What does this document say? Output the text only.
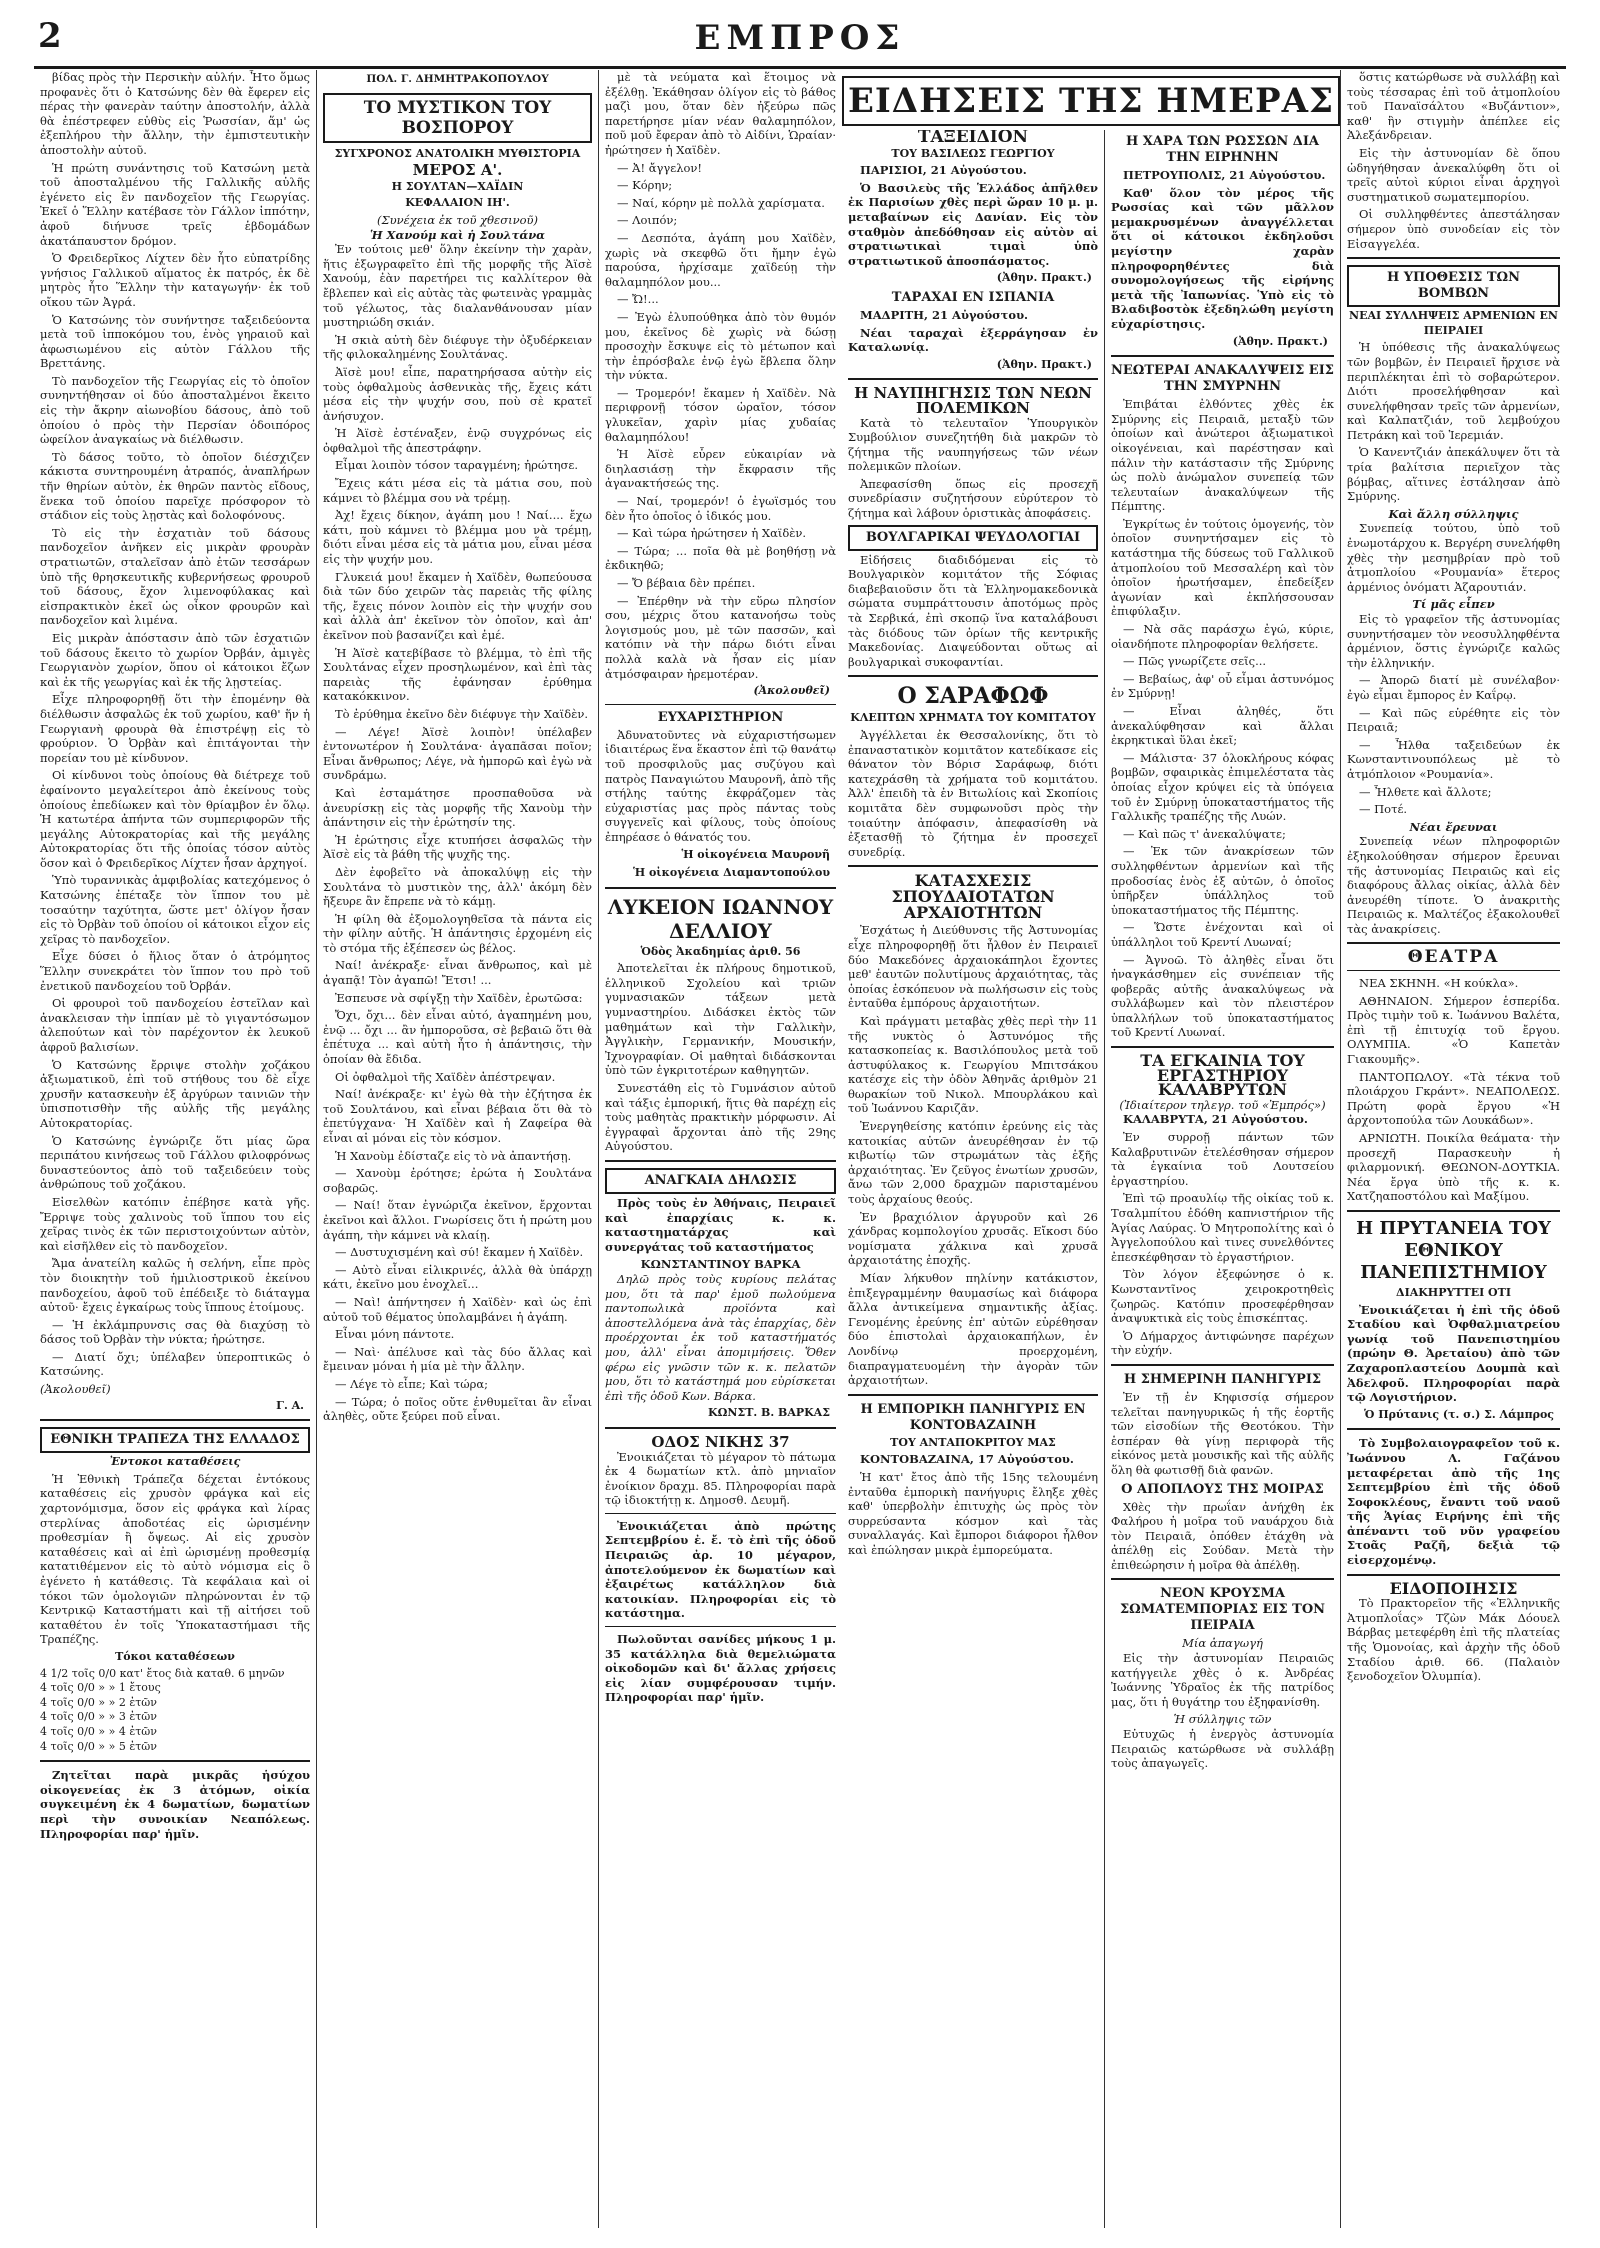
2	ΕΜΠΡΟΣ

βίδας πρὸς τὴν Περσικὴν αὐλήν. Ἦτο ὅμως προφανὲς ὅτι ὁ Κατσώνης δὲν θὰ ἔφερεν εἰς πέρας τὴν φανερὰν ταύτην ἀποστολήν, ἀλλὰ θὰ ἐπέστρεφεν εὐθὺς εἰς Ῥωσσίαν, ἅμ' ὡς ἐξεπλήρου τὴν ἄλλην, τὴν ἐμπιστευτικὴν ἀποστολὴν αὐτοῦ.

Ἡ πρώτη συνάντησις τοῦ Κατσώνη μετὰ τοῦ ἀποσταλμένου τῆς Γαλλικῆς αὐλῆς ἐγένετο εἰς ἓν πανδοχεῖον τῆς Γεωργίας. Ἐκεῖ ὁ Ἕλλην κατέβασε τὸν Γάλλον ἱππότην, ἀφοῦ διήνυσε τρεῖς ἑβδομάδων ἀκατάπαυστον δρόμον.

Ὁ Φρειδερῖκος Λίχτεν δὲν ἦτο εὐπατρίδης γνήσιος Γαλλικοῦ αἵματος ἐκ πατρός, ἐκ δὲ μητρὸς ἦτο Ἕλλην τὴν καταγωγήν· ἐκ τοῦ οἴκου τῶν Ἀγρά.

Ὁ Κατσώνης τὸν συνήντησε ταξειδεύοντα μετὰ τοῦ ἱπποκόμου του, ἑνὸς γηραιοῦ καὶ ἀφωσιωμένου εἰς αὐτὸν Γάλλου τῆς Βρεττάνης.

Τὸ πανδοχεῖον τῆς Γεωργίας εἰς τὸ ὁποῖον συνηντήθησαν οἱ δύο ἀποσταλμένοι ἔκειτο εἰς τὴν ἄκρην αἰωνοβίου δάσους, ἀπὸ τοῦ ὁποίου ὁ πρὸς τὴν Περσίαν ὁδοιπόρος ὠφείλον ἀναγκαίως νὰ διέλθωσιν.

Τὸ δάσος τοῦτο, τὸ ὁποῖον διέσχιζεν κάκιστα συντηρουμένη ἀτραπός, ἀναπλήρων τῆν θηρίων αὐτὸν, ἐκ θηρῶν παντὸς εἴδους, ἕνεκα τοῦ ὁποίου παρεῖχε πρόσφορον τὸ στάδιον εἰς τοὺς λῃστὰς καὶ δολοφόνους.

Τὸ εἰς τὴν ἐσχατιὰν τοῦ δάσους πανδοχεῖον ἀνῆκεν εἰς μικρὰν φρουρὰν στρατιωτῶν, σταλεῖσαν ἀπὸ ἐτῶν τεσσάρων ὑπὸ τῆς θρησκευτικῆς κυβερνήσεως φρουροῦ τοῦ δάσους, ἔχον λιμενοφύλακας καὶ εἰσπρακτικὸν ἐκεῖ ὡς οἶκον φρουρῶν καὶ πανδοχεῖον καὶ λιμένα.

Εἰς μικρὰν ἀπόστασιν ἀπὸ τῶν ἐσχατιῶν τοῦ δάσους ἔκειτο τὸ χωρίον Ὀρβάν, ἀμιγὲς Γεωργιανὸν χωρίον, ὅπου οἱ κάτοικοι ἔζων καὶ ἐκ τῆς γεωργίας καὶ ἐκ τῆς λῃστείας.

Εἶχε πληροφορηθῇ ὅτι τὴν ἐπομένην θὰ διέλθωσιν ἀσφαλῶς ἐκ τοῦ χωρίου, καθ' ἥν ἡ Γεωργιανὴ φρουρὰ θὰ ἐπιστρέψῃ εἰς τὸ φρούριον. Ὁ Ὀρβὰν καὶ ἐπιτάγονται τὴν πορείαν του μὲ κίνδυνον.

Οἱ κίνδυνοι τοὺς ὁποίους θὰ διέτρεχε τοῦ ἐφαίνοντο μεγαλείτεροι ἀπὸ ἐκείνους τοὺς ὁποίους ἐπεδίωκεν καὶ τὸν θρίαμβον ἐν ὅλῳ. Ἡ κατωτέρα ἀπήντα τῶν συμπεριφορῶν τῆς μεγάλης Αὐτοκρατορίας καὶ τῆς μεγάλης Αὐτοκρατορίας ὅτι τῆς ὁποίας τόσον αὐτὸς ὅσον καὶ ὁ Φρειδερῖκος Λίχτεν ἦσαν ἀρχηγοί.

Ὑπὸ τυραννικὰς ἀμφιβολίας κατεχόμενος ὁ Κατσώνης ἐπέταξε τὸν ἵππον του μὲ τοσαύτην ταχύτητα, ὥστε μετ' ὀλίγον ἦσαν εἰς τὸ Ὀρβὰν τοῦ ὁποίου οἱ κάτοικοι εἶχον εἰς χεῖρας τὸ πανδοχεῖον.

Εἶχε δύσει ὁ ἥλιος ὅταν ὁ ἀτρόμητος Ἕλλην συνεκράτει τὸν ἵππον του πρὸ τοῦ ἐνετικοῦ πανδοχείου τοῦ Ὀρβάν.

Οἱ φρουροὶ τοῦ πανδοχείου ἐστεῖλαν καὶ ἀνακλεισαν τὴν ἱππίαν μὲ τὸ γιγαντόσωμον ἀλεπούτων καὶ τὸν παρέχοντον ἐκ λευκοῦ ἀφροῦ βαλισίων.

Ὁ Κατσώνης ἔρριψε στολὴν χοζάκου ἀξιωματικοῦ, ἐπὶ τοῦ στήθους του δὲ εἶχε χρυσῆν κατασκευὴν ἐξ ἀργύρων ταινιῶν τὴν ὑπισποτισθὴν τῆς αὐλῆς τῆς μεγάλης Αὐτοκρατορίας.

Ὁ Κατσώνης ἐγνώριζε ὅτι μίας ὥρα περιπάτου κινήσεως τοῦ Γάλλου φιλοφρόνως δυναστεύοντος ἀπὸ τοῦ ταξειδεύειν τοὺς ἀνθρώπους τοῦ χοζάκου.

Εἰσελθὼν κατόπιν ἐπέβησε κατὰ γῆς. Ἔρριψε τοὺς χαλινοὺς τοῦ ἵππου του εἰς χεῖρας τινὸς ἐκ τῶν περιστοιχούντων αὐτὸν, καὶ εἰσῆλθεν εἰς τὸ πανδοχεῖον.

Ἄμα ἀνατείλη καλῶς ἡ σελήνη, εἶπε πρὸς τὸν διοικητὴν τοῦ ἡμιλιοστρικοῦ ἐκείνου πανδοχείου, ἀφοῦ τοῦ ἐπέδειξε τὸ διάταγμα αὐτοῦ· ἔχεις ἐγκαίρως τοὺς ἵππους ἑτοίμους.

— Ἡ ἐκλάμπρυνσις σας θὰ διαχύσῃ τὸ δάσος τοῦ Ὀρβὰν τὴν νύκτα; ἠρώτησε.

— Διατί ὄχι; ὑπέλαβεν ὑπεροπτικῶς ὁ Κατσώνης.

(Ἀκολουθεῖ)
Γ. Α.
ΕΘΝΙΚΗ ΤΡΑΠΕΖΑ ΤΗΣ ΕΛΛΑΔΟΣ
Ἐντοκοι καταθέσεις

Ἡ Ἐθνικὴ Τράπεζα δέχεται ἐντόκους καταθέσεις εἰς χρυσὸν φράγκα καὶ εἰς χαρτονόμισμα, ὅσον εἰς φράγκα καὶ λίρας στερλίνας ἀποδοτέας εἰς ὡρισμένην προθεσμίαν ἢ ὄψεως. Αἱ εἰς χρυσὸν καταθέσεις καὶ αἱ ἐπὶ ὡρισμένῃ προθεσμίᾳ κατατιθέμενον εἰς τὸ αὐτὸ νόμισμα εἰς ὃ ἐγένετο ἡ κατάθεσις. Τὰ κεφάλαια καὶ οἱ τόκοι τῶν ὁμολογιῶν πληρώνονται ἐν τῷ Κεντρικῷ Καταστήματι καὶ τῇ αἰτήσει τοῦ καταθέτου ἐν τοῖς Ὑποκαταστήμασι τῆς Τραπέζης.

Τόκοι καταθέσεων
4 1/2 τοῖς 0/0 κατ' ἔτος διὰ καταθ. 6 μηνῶν
4 τοῖς 0/0 » » 1 ἔτους
4 τοῖς 0/0 » » 2 ἐτῶν
4 τοῖς 0/0 » » 3 ἐτῶν
4 τοῖς 0/0 » » 4 ἐτῶν
4 τοῖς 0/0 » » 5 ἐτῶν

Ζητεῖται παρὰ μικρᾶς ἡσύχου οἰκογενείας ἐκ 3 ἀτόμων, οἰκία συγκειμένη ἐκ 4 δωματίων, δωματίων περὶ τὴν συνοικίαν Νεαπόλεως. Πληροφορίαι παρ' ἡμῖν.

ΠΟΛ. Γ. ΔΗΜΗΤΡΑΚΟΠΟΥΛΟΥ
ΤΟ ΜΥΣΤΙΚΟΝ ΤΟΥ ΒΟΣΠΟΡΟΥ
ΣΥΓΧΡΟΝΟΣ ΑΝΑΤΟΛΙΚΗ ΜΥΘΙΣΤΟΡΙΑ
ΜΕΡΟΣ Α'.
Η ΣΟΥΛΤΑΝ—ΧΑΪΔΙΝ
ΚΕΦΑΛΑΙΟΝ ΙΗ'.
(Συνέχεια ἐκ τοῦ χθεσινοῦ)
Ἡ Χανούμ καὶ ἡ Σουλτάνα

Ἐν τούτοις μεθ' ὅλην ἐκείνην τὴν χαρὰν, ἥτις ἐξωγραφεῖτο ἐπὶ τῆς μορφῆς τῆς Ἀϊσὲ Χανούμ, ἐὰν παρετήρει τις καλλίτερον θὰ ἔβλεπεν καὶ εἰς αὐτὰς τὰς φωτεινὰς γραμμὰς τοῦ γέλωτος, τὰς διαλανθάνουσαν μίαν μυστηριώδη σκιάν.

Ἡ σκιὰ αὐτὴ δὲν διέφυγε τὴν ὀξυδέρκειαν τῆς φιλοκαλημένης Σουλτάνας.

Ἀϊσὲ μου! εἶπε, παρατηρήσασα αὐτὴν εἰς τοὺς ὀφθαλμοὺς ἀσθενικὰς τῆς, ἔχεις κάτι μέσα εἰς τὴν ψυχήν σου, ποὺ σὲ κρατεῖ ἀνήσυχον.

Ἡ Ἀϊσὲ ἐστέναξεν, ἐνῷ συγχρόνως εἰς ὀφθαλμοὶ τῆς ἀπεστράφην.

Εἶμαι λοιπὸν τόσον ταραγμένη; ἠρώτησε.

Ἔχεις κάτι μέσα εἰς τὰ μάτια σου, ποὺ κάμνει τὸ βλέμμα σου νὰ τρέμῃ.

Ἀχ! ἔχεις δίκηον, ἀγάπη μου ! Ναί.... ἔχω κάτι, ποὺ κάμνει τὸ βλέμμα μου νὰ τρέμῃ, διότι εἶναι μέσα εἰς τὰ μάτια μου, εἶναι μέσα εἰς τὴν ψυχήν μου.

Γλυκειά μου! ἔκαμεν ἡ Χαϊδὲν, θωπεύουσα διὰ τῶν δύο χειρῶν τὰς παρειὰς τῆς φίλης τῆς, ἔχεις πόνον λοιπὸν εἰς τὴν ψυχήν σου καὶ ἀλλὰ ἀπ' ἐκεῖνον τὸν ὁποῖον, καὶ ἀπ' ἐκεῖνον ποὺ βασανίζει καὶ ἐμέ.

Ἡ Ἀϊσὲ κατεβίβασε τὸ βλέμμα, τὸ ἐπὶ τῆς Σουλτάνας εἶχεν προσηλωμένον, καὶ ἐπὶ τὰς παρειὰς τῆς ἐφάνησαν ἐρύθημα κατακόκκινον.

Τὸ ἐρύθημα ἐκεῖνο δὲν διέφυγε τὴν Χαϊδὲν.

— Λέγε! Ἀϊσὲ λοιπὸν! ὑπέλαβεν ἐντονωτέρον ἡ Σουλτάνα· ἀγαπᾶσαι ποῖον; Εἶναι ἄνθρωπος; Λέγε, νὰ ἠμπορῶ καὶ ἐγὼ νὰ συνδράμω.

Καὶ ἐσταμάτησε προσπαθοῦσα νὰ ἀνευρίσκῃ εἰς τὰς μορφῆς τῆς Χανοὺμ τὴν ἀπάντησιν εἰς τὴν ἐρώτησίν της.

Ἡ ἐρώτησις εἶχε κτυπήσει ἀσφαλῶς τὴν Ἀϊσὲ εἰς τὰ βάθη τῆς ψυχῆς της.

Δὲν ἐφοβεῖτο νὰ ἀποκαλύψῃ εἰς τὴν Σουλτάνα τὸ μυστικὸν της, ἀλλ' ἀκόμη δὲν ἤξευρε ἂν ἔπρεπε νὰ τὸ κάμῃ.

Ἡ φίλη θὰ ἐξομολογηθεῖσα τὰ πάντα εἰς τὴν φίλην αὐτῆς. Ἡ ἀπάντησις ἐρχομένη εἰς τὸ στόμα τῆς ἐξέπεσεν ὡς βέλος.

Ναί! ἀνέκραξε· εἶναι ἄνθρωπος, καὶ μὲ ἀγαπᾷ! Τὸν ἀγαπῶ! Ἔτσι! ...

Ἐσπευσε νὰ σφίγξῃ τὴν Χαϊδὲν, ἐρωτῶσα:

Ὄχι, ὄχι... δὲν εἶναι αὐτό, ἀγαπημένη μου, ἐνῷ ... ὄχι ... ἂν ἠμποροῦσα, σὲ βεβαιῶ ὅτι θὰ ἐπέτυχα ... καὶ αὐτὴ ἦτο ἡ ἀπάντησις, τὴν ὁποίαν θὰ ἔδιδα.

Οἱ ὀφθαλμοὶ τῆς Χαϊδὲν ἀπέστρεψαν.

Ναί! ἀνέκραξε· κι' ἐγὼ θὰ τὴν ἐζήτησα ἐκ τοῦ Σουλτάνου, καὶ εἶναι βέβαια ὅτι θὰ τὸ ἐπετύγχανα· Ἡ Χαϊδὲν καὶ ἡ Ζαφείρα θὰ εἶναι αἱ μόναι εἰς τὸν κόσμον.

Ἡ Χανοὺμ ἐδίσταζε εἰς τὸ νὰ ἀπαντήσῃ.

— Χανοὺμ ἐρότησε; ἐρώτα ἡ Σουλτάνα σοβαρῶς.

— Ναί! ὅταν ἐγνώριζα ἐκεῖνον, ἔρχονται ἐκεῖνοι καὶ ἄλλοι. Γνωρίσεις ὅτι ἡ πρώτη μου ἀγάπη, τὴν κάμνει νὰ κλαίῃ.

— Δυστυχισμένη καὶ σύ! ἔκαμεν ἡ Χαϊδὲν.

— Αὐτὸ εἶναι εἰλικρινές, ἀλλὰ θὰ ὑπάρχῃ κάτι, ἐκεῖνο μου ἐνοχλεῖ...

— Ναὶ! ἀπήντησεν ἡ Χαϊδὲν· καὶ ὡς ἐπὶ αὐτοῦ τοῦ θέματος ὑπολαμβάνει ἡ ἀγάπη.

Εἶναι μόνη πάντοτε.

— Ναὶ· ἀπέλυσε καὶ τὰς δύο ἄλλας καὶ ἔμειναν μόναι ἡ μία μὲ τὴν ἄλλην.

— Λέγε τὸ εἶπε; Καὶ τώρα;

— Τώρα; ὁ ποῖος οὔτε ἐνθυμεῖται ἂν εἶναι ἀληθὲς, οὔτε ξεύρει ποῦ εἶναι.

μὲ τὰ νεύματα καὶ ἕτοιμος νὰ ἐξέλθῃ. Ἐκάθησαν ὀλίγον εἰς τὸ βάθος μαζὶ μου, ὅταν δὲν ἠξεύρω πῶς παρετήρησε μίαν νέαν θαλαμηπόλον, ποῦ μοῦ ἔφεραν ἀπὸ τὸ Αἰδίνι, Ὡραίαν· ἠρώτησεν ἡ Χαϊδὲν.

— Ἀ! ἄγγελον!

— Κόρην;

— Ναί, κόρην μὲ πολλὰ χαρίσματα.

— Λοιπόν;

— Δεσπότα, ἀγάπη μου Χαϊδὲν, χωρὶς νὰ σκεφθῶ ὅτι ἤμην ἐγὼ παρούσα, ἠρχίσαμε χαϊδεύῃ τὴν θαλαμηπόλον μου...

— Ὤ!...

— Ἐγὼ ἐλυπούθηκα ἀπὸ τὸν θυμόν μου, ἐκεῖνος δὲ χωρὶς νὰ δώσῃ προσοχὴν ἔσκυψε εἰς τὸ μέτωπον καὶ τὴν ἐπρόσβαλε ἐνῷ ἐγὼ ἔβλεπα ὅλην τὴν νύκτα.

— Τρομερόν! ἔκαμεν ἡ Χαϊδὲν. Νὰ περιφρονῇ τόσον ὡραῖον, τόσον γλυκεῖαν, χαρὶν μίας χυδαίας θαλαμηπόλου!

Ἡ Ἀϊσὲ εὗρεν εὐκαιρίαν νὰ διηλασιάσῃ τὴν ἔκφρασιν τῆς ἀγανακτήσεώς της.

— Ναί, τρομερόν! ὁ ἐγωϊσμός του δὲν ἦτο ὁποῖος ὁ ἰδικός μου.

— Καὶ τώρα ἠρώτησεν ἡ Χαϊδὲν.

— Τώρα; ... ποῖα θὰ μὲ βοηθήσῃ νὰ ἐκδικηθῶ;

— Ὄ βέβαια δὲν πρέπει.

— Ἐπέρθην νὰ τὴν εὕρω πλησίον σου, μέχρις ὅτου κατανοήσω τοὺς λογισμούς μου, μὲ τῶν πασσῶν, καὶ κατόπιν νὰ τὴν πάρω διότι εἶναι πολλὰ καλὰ νὰ ἦσαν εἰς μίαν ἀτμόσφαιραν ἠρεμοτέραν.

(Ἀκολουθεῖ)
ΕΥΧΑΡΙΣΤΗΡΙΟΝ

Ἀδυνατοῦντες νὰ εὐχαριστήσωμεν ἰδιαιτέρως ἕνα ἕκαστον ἐπὶ τῷ θανάτῳ τοῦ προσφιλοῦς μας συζύγου καὶ πατρὸς Παναγιώτου Μαυρονῆ, ἀπὸ τῆς στήλης ταύτης ἐκφράζομεν τὰς εὐχαριστίας μας πρὸς πάντας τοὺς συγγενεῖς καὶ φίλους, τοὺς ὁποίους ἐπηρέασε ὁ θάνατός του.

Ἡ οἰκογένεια Μαυρονῆ
Ἡ οἰκογένεια Διαμαντοπούλου
ΛΥΚΕΙΟΝ ΙΩΑΝΝΟΥ ΔΕΛΛΙΟΥ
Ὁδὸς Ἀκαδημίας ἀριθ. 56

Ἀποτελεῖται ἐκ πλήρους δημοτικοῦ, ἑλληνικοῦ Σχολείου καὶ τριῶν γυμνασιακῶν τάξεων μετὰ γυμναστηρίου. Διδάσκει ἐκτὸς τῶν μαθημάτων καὶ τὴν Γαλλικὴν, Ἀγγλικὴν, Γερμανικήν, Μουσικήν, Ἰχνογραφίαν. Οἱ μαθηταὶ διδάσκονται ὑπὸ τῶν ἐγκριτοτέρων καθηγητῶν.

Συνεστάθη εἰς τὸ Γυμνάσιον αὐτοῦ καὶ τάξις ἐμπορική, ἥτις θὰ παρέχῃ εἰς τοὺς μαθητὰς πρακτικὴν μόρφωσιν. Αἱ ἐγγραφαὶ ἄρχονται ἀπὸ τῆς 29ης Αὐγούστου.

ΑΝΑΓΚΑΙΑ ΔΗΛΩΣΙΣ

Πρὸς τοὺς ἐν Ἀθήναις, Πειραιεῖ καὶ ἐπαρχίαις κ. κ. καταστηματάρχας καὶ συνεργάτας τοῦ καταστήματος

ΚΩΝΣΤΑΝΤΙΝΟΥ ΒΑΡΚΑ

Δηλῶ πρὸς τοὺς κυρίους πελάτας μου, ὅτι τὰ παρ' ἐμοῦ πωλούμενα παντοπωλικὰ προϊόντα καὶ ἀποστελλόμενα ἀνὰ τὰς ἐπαρχίας, δὲν προέρχονται ἐκ τοῦ καταστήματός μου, ἀλλ' εἶναι ἀπομιμήσεις. Ὅθεν φέρω εἰς γνῶσιν τῶν κ. κ. πελατῶν μου, ὅτι τὸ κατάστημά μου εὑρίσκεται ἐπὶ τῆς ὁδοῦ Κων. Βάρκα.

ΚΩΝΣΤ. Β. ΒΑΡΚΑΣ
ΟΔΟΣ ΝΙΚΗΣ 37

Ἐνοικιάζεται τὸ μέγαρον τὸ πάτωμα ἐκ 4 δωματίων κτλ. ἀπὸ μηνιαῖον ἐνοίκιον δραχμ. 85. Πληροφορίαι παρὰ τῷ ἰδιοκτήτῃ κ. Δημοσθ. Δευμῆ.

Ἐνοικιάζεται ἀπὸ πρώτης Σεπτεμβρίου ἐ. ἔ. τὸ ἐπὶ τῆς ὁδοῦ Πειραιῶς ἀρ. 10 μέγαρον, ἀποτελούμενον ἐκ δωματίων καὶ ἐξαιρέτως κατάλληλον διὰ κατοικίαν. Πληροφορίαι εἰς τὸ κατάστημα.

Πωλοῦνται σανίδες μήκους 1 μ. 35 κατάλληλα διὰ θεμελιώματα οἰκοδομῶν καὶ δι' ἄλλας χρήσεις εἰς λίαν συμφέρουσαν τιμήν. Πληροφορίαι παρ' ἡμῖν.

ΕΙΔΗΣΕΙΣ ΤΗΣ ΗΜΕΡΑΣ
ΤΑΞΕΙΔΙΟΝ
ΤΟΥ ΒΑΣΙΛΕΩΣ ΓΕΩΡΓΙΟΥ

ΠΑΡΙΣΙΟΙ, 21 Αὐγούστου.

Ὁ Βασιλεὺς τῆς Ἑλλάδος ἀπῆλθεν ἐκ Παρισίων χθὲς περὶ ὥραν 10 μ. μ. μεταβαίνων εἰς Δανίαν. Εἰς τὸν σταθμὸν ἀπεδόθησαν εἰς αὐτὸν αἱ στρατιωτικαὶ τιμαὶ ὑπὸ στρατιωτικοῦ ἀποσπάσματος.

(Ἀθην. Πρακτ.)
ΤΑΡΑΧΑΙ ΕΝ ΙΣΠΑΝΙΑ

ΜΑΔΡΙΤΗ, 21 Αὐγούστου.

Νέαι ταραχαὶ ἐξερράγησαν ἐν Καταλωνίᾳ.

(Ἀθην. Πρακτ.)
Η ΝΑΥΠΗΓΗΣΙΣ ΤΩΝ ΝΕΩΝ ΠΟΛΕΜΙΚΩΝ

Κατὰ τὸ τελευταῖον Ὑπουργικὸν Συμβούλιον συνεζητήθη διὰ μακρῶν τὸ ζήτημα τῆς ναυπηγήσεως τῶν νέων πολεμικῶν πλοίων.

Ἀπεφασίσθη ὅπως εἰς προσεχῆ συνεδρίασιν συζητήσουν εὐρύτερον τὸ ζήτημα καὶ λάβουν ὁριστικὰς ἀποφάσεις.

ΒΟΥΛΓΑΡΙΚΑΙ ΨΕΥΔΟΛΟΓΙΑΙ

Εἰδήσεις διαδιδόμεναι εἰς τὸ Βουλγαρικὸν κομιτάτον τῆς Σόφιας διαβεβαιοῦσιν ὅτι τὰ Ἑλληνομακεδονικὰ σώματα συμπράττουσιν ἀποτόμως πρὸς τὰ Σερβικά, ἐπὶ σκοπῷ ἵνα καταλάβουσι τὰς διόδους τῶν ὁρίων τῆς κεντρικῆς Μακεδονίας. Διαψεύδονται οὕτως αἱ βουλγαρικαὶ συκοφαντίαι.

Ο ΣΑΡΑΦΩΦ
ΚΛΕΠΤΩΝ ΧΡΗΜΑΤΑ ΤΟΥ ΚΟΜΙΤΑΤΟΥ

Ἀγγέλλεται ἐκ Θεσσαλονίκης, ὅτι τὸ ἐπαναστατικὸν κομιτᾶτον κατεδίκασε εἰς θάνατον τὸν Βόρισ Σαράφωφ, διότι κατεχράσθη τὰ χρήματα τοῦ κομιτάτου. Ἀλλ' ἐπειδὴ τὰ ἐν Βιτωλίοις καὶ Σκοπίοις κομιτᾶτα δὲν συμφωνοῦσι πρὸς τὴν τοιαύτην ἀπόφασιν, ἀπεφασίσθη νὰ ἐξετασθῇ τὸ ζήτημα ἐν προσεχεῖ συνεδρίᾳ.

ΚΑΤΑΣΧΕΣΙΣ ΣΠΟΥΔΑΙΟΤΑΤΩΝ ΑΡΧΑΙΟΤΗΤΩΝ

Ἐσχάτως ἡ Διεύθυνσις τῆς Ἀστυνομίας εἶχε πληροφορηθῇ ὅτι ἦλθον ἐν Πειραιεῖ δύο Μακεδόνες ἀρχαιοκάπηλοι ἔχοντες μεθ' ἑαυτῶν πολυτίμους ἀρχαιότητας, τὰς ὁποίας ἐσκόπευον νὰ πωλήσωσιν εἰς τοὺς ἐνταῦθα ἐμπόρους ἀρχαιοτήτων.

Καὶ πράγματι μεταβὰς χθὲς περὶ τὴν 11 τῆς νυκτὸς ὁ Ἀστυνόμος τῆς κατασκοπείας κ. Βασιλόπουλος μετὰ τοῦ ἀστυφύλακος κ. Γεωργίου Μπιτσάκου κατέσχε εἰς τὴν ὁδὸν Ἀθηνᾶς ἀριθμὸν 21 θωρακίων τοῦ Νικολ. Μπουρλάκου καὶ τοῦ Ἰωάννου Καριζᾶν.

Ἐνεργηθείσης κατόπιν ἐρεύνης εἰς τὰς κατοικίας αὐτῶν ἀνευρέθησαν ἐν τῷ κιβωτίῳ τῶν στρωμάτων τὰς ἑξῆς ἀρχαιότητας. Ἐν ζεῦγος ἐνωτίων χρυσῶν, ἄνω τῶν 2,000 δραχμῶν παρισταμένου τοὺς ἀρχαίους θεούς.

Ἐν βραχιόλιον ἀργυροῦν καὶ 26 χάνδρας κομπολογίου χρυσᾶς. Εἴκοσι δύο νομίσματα χάλκινα καὶ χρυσᾶ ἀρχαιοτάτης ἐποχῆς.

Μίαν λήκυθον πηλίνην κατάκιστον, ἐπιξεγραμμένην θαυμασίως καὶ διάφορα ἄλλα ἀντικείμενα σημαντικῆς ἀξίας. Γενομένης ἐρεύνης ἐπ' αὐτῶν εὑρέθησαν δύο ἐπιστολαὶ ἀρχαιοκαπήλων, ἐν Λονδίνῳ προερχομένη, διαπραγματευομένη τὴν ἀγορὰν τῶν ἀρχαιοτήτων.

Η ΕΜΠΟΡΙΚΗ ΠΑΝΗΓΥΡΙΣ ΕΝ ΚΟΝΤΟΒΑΖΑΙΝΗ
ΤΟΥ ΑΝΤΑΠΟΚΡΙΤΟΥ ΜΑΣ

ΚΟΝΤΟΒΑΖΑΙΝΑ, 17 Αὐγούστου.

Ἡ κατ' ἔτος ἀπὸ τῆς 15ης τελουμένη ἐνταῦθα ἐμπορικὴ πανήγυρις ἔληξε χθὲς καθ' ὑπερβολὴν ἐπιτυχὴς ὡς πρὸς τὸν συρρεύσαντα κόσμον καὶ τὰς συναλλαγάς. Καὶ ἔμποροι διάφοροι ἦλθον καὶ ἐπώλησαν μικρὰ ἐμπορεύματα.

Η ΧΑΡΑ ΤΩΝ ΡΩΣΣΩΝ ΔΙΑ ΤΗΝ ΕΙΡΗΝΗΝ

ΠΕΤΡΟΥΠΟΛΙΣ, 21 Αὐγούστου.

Καθ' ὅλον τὸν μέρος τῆς Ρωσσίας καὶ τῶν μᾶλλον μεμακρυσμένων ἀναγγέλλεται ὅτι οἱ κάτοικοι ἐκδηλοῦσι μεγίστην χαρὰν πληροφορηθέντες διὰ συνομολογήσεως τῆς εἰρήνης μετὰ τῆς Ἰαπωνίας. Ὑπὸ εἰς τὸ Βλαδιβοστὸκ ἐξεδηλώθη μεγίστη εὐχαρίστησις.

(Ἀθην. Πρακτ.)
ΝΕΩΤΕΡΑΙ ΑΝΑΚΑΛΥΨΕΙΣ ΕΙΣ ΤΗΝ ΣΜΥΡΝΗΝ

Ἐπιβάται ἐλθόντες χθὲς ἐκ Σμύρνης εἰς Πειραιᾶ, μεταξὺ τῶν ὁποίων καὶ ἀνώτεροι ἀξιωματικοὶ οἰκογένειαι, καὶ παρέστησαν καὶ πάλιν τὴν κατάστασιν τῆς Σμύρνης ὡς πολὺ ἀνώμαλον συνεπείᾳ τῶν τελευταίων ἀνακαλύψεων τῆς Πέμπτης.

Ἐγκρίτως ἐν τούτοις ὁμογενής, τὸν ὁποῖον συνηντήσαμεν εἰς τὸ κατάστημα τῆς δύσεως τοῦ Γαλλικοῦ ἀτμοπλοίου τοῦ Μεσσαλέρη καὶ τὸν ὁποῖον ἠρωτήσαμεν, ἐπεδείξεν ἀγωνίαν καὶ ἐκπλήσσουσαν ἐπιφύλαξιν.

— Νὰ σᾶς παράσχω ἐγώ, κύριε, οἱανδήποτε πληροφορίαν θελήσετε.

— Πῶς γνωρίζετε σεῖς...

— Βεβαίως, ἀφ' οὗ εἶμαι ἀστυνόμος ἐν Σμύρνῃ!

— Εἶναι ἀληθές, ὅτι ἀνεκαλύφθησαν καὶ ἄλλαι ἐκρηκτικαὶ ὕλαι ἐκεῖ;

— Μάλιστα· 37 ὁλοκλήρους κόφας βομβῶν, σφαιρικὰς ἐπιμελέστατα τὰς ὁποίας εἶχον κρύψει εἰς τὰ ὑπόγεια τοῦ ἐν Σμύρνῃ ὑποκαταστήματος τῆς Γαλλικῆς τραπέζης τῆς Λυών.

— Καὶ πῶς τ' ἀνεκαλύψατε;

— Ἐκ τῶν ἀνακρίσεων τῶν συλληφθέντων ἀρμενίων καὶ τῆς προδοσίας ἑνὸς ἐξ αὐτῶν, ὁ ὁποῖος ὑπῆρξεν ὑπάλληλος τοῦ ὑποκαταστήματος τῆς Πέμπτης.

— Ὥστε ἐνέχονται καὶ οἱ ὑπάλληλοι τοῦ Κρεντί Λυωναί;

— Ἀγνοῶ. Τὸ ἀληθὲς εἶναι ὅτι ἠναγκάσθημεν εἰς συνέπειαν τῆς φοβερᾶς αὐτῆς ἀνακαλύψεως νὰ συλλάβωμεν καὶ τὸν πλειστέρον ὑπαλλήλων τοῦ ὑποκαταστήματος τοῦ Κρεντί Λυωναί.

ΤΑ ΕΓΚΑΙΝΙΑ ΤΟΥ ΕΡΓΑΣΤΗΡΙΟΥ ΚΑΛΑΒΡΥΤΩΝ
(Ἰδιαίτερον τηλεγρ. τοῦ «Ἐμπρός»)

ΚΑΛΑΒΡΥΤΑ, 21 Αὐγούστου.

Ἐν συρροῇ πάντων τῶν Καλαβρυτινῶν ἐτελέσθησαν σήμερον τὰ ἐγκαίνια τοῦ Λουτσείου ἐργαστηρίου.

Ἐπὶ τῷ προαυλίῳ τῆς οἰκίας τοῦ κ. Τσαλμπίτου ἐδόθη καπνιστήριον τῆς Ἁγίας Λαύρας. Ὁ Μητροπολίτης καὶ ὁ Ἀγγελοπούλου καὶ τινες συνελθόντες ἐπεσκέφθησαν τὸ ἐργαστήριον.

Τὸν λόγον ἐξεφώνησε ὁ κ. Κωνσταντῖνος χειροκροτηθεὶς ζωηρῶς. Κατόπιν προσεφέρθησαν ἀναψυκτικὰ εἰς τοὺς ἐπισκέπτας.

Ὁ Δήμαρχος ἀντιφώνησε παρέχων τὴν εὐχήν.

Η ΣΗΜΕΡΙΝΗ ΠΑΝΗΓΥΡΙΣ

Ἐν τῇ ἐν Κηφισσίᾳ σήμερον τελεῖται πανηγυρικῶς ἡ τῆς ἑορτῆς τῶν εἰσοδίων τῆς Θεοτόκου. Τὴν ἑσπέραν θὰ γίνῃ περιφορὰ τῆς εἰκόνος μετὰ μουσικῆς καὶ τῆς αὐλῆς ὅλη θὰ φωτισθῇ διὰ φανῶν.

Ο ΑΠΟΠΛΟΥΣ ΤΗΣ ΜΟΙΡΑΣ

Χθὲς τὴν πρωΐαν ἀνήχθη ἐκ Φαλήρου ἡ μοῖρα τοῦ ναυάρχου διὰ τὸν Πειραιᾶ, ὁπόθεν ἐτάχθη νὰ ἀπέλθῃ εἰς Σούδαν. Μετὰ τὴν ἐπιθεώρησιν ἡ μοῖρα θὰ ἀπέλθῃ.

ΝΕΟΝ ΚΡΟΥΣΜΑ ΣΩΜΑΤΕΜΠΟΡΙΑΣ ΕΙΣ ΤΟΝ ΠΕΙΡΑΙΑ
Μία ἀπαγωγή

Εἰς τὴν ἀστυνομίαν Πειραιῶς κατήγγειλε χθὲς ὁ κ. Ἀνδρέας Ἰωάννης Ὑδραῖος ἐκ τῆς πατρίδος μας, ὅτι ἡ θυγάτηρ του ἐξηφανίσθη.

Ἡ σύλληψις τῶν

Εὐτυχῶς ἡ ἐνεργὸς ἀστυνομία Πειραιῶς κατώρθωσε νὰ συλλάβῃ τοὺς ἀπαγωγεῖς.

ὅστις κατώρθωσε νὰ συλλάβῃ καὶ τοὺς τέσσαρας ἐπὶ τοῦ ἀτμοπλοίου τοῦ Παναϊσάλτου «Βυζάντιον», καθ' ἣν στιγμὴν ἀπέπλεε εἰς Ἀλεξάνδρειαν.

Εἰς τὴν ἀστυνομίαν δὲ ὅπου ὡδηγήθησαν ἀνεκαλύφθη ὅτι οἱ τρεῖς αὐτοὶ κύριοι εἶναι ἀρχηγοὶ συστηματικοῦ σωματεμπορίου.

Οἱ συλληφθέντες ἀπεστάλησαν σήμερον ὑπὸ συνοδείαν εἰς τὸν Εἰσαγγελέα.

Η ΥΠΟΘΕΣΙΣ ΤΩΝ ΒΟΜΒΩΝ
ΝΕΑΙ ΣΥΛΛΗΨΕΙΣ ΑΡΜΕΝΙΩΝ ΕΝ ΠΕΙΡΑΙΕΙ

Ἡ ὑπόθεσις τῆς ἀνακαλύψεως τῶν βομβῶν, ἐν Πειραιεῖ ἤρχισε νὰ περιπλέκηται ἐπὶ τὸ σοβαρώτερον. Διότι προσελήφθησαν καὶ συνελήφθησαν τρεῖς τῶν ἀρμενίων, καὶ Καλπατζιάν, τοῦ λεμβούχου Πετράκη καὶ τοῦ Ἱερεμιάν.

Ὁ Κανεντζιάν ἀπεκάλυψεν ὅτι τὰ τρία βαλίτσια περιεῖχον τὰς βόμβας, αἵτινες ἐστάλησαν ἀπὸ Σμύρνης.

Καὶ ἄλλη σύλληψις

Συνεπείᾳ τούτου, ὑπὸ τοῦ ἐνωμοτάρχου κ. Βεργέρη συνελήφθη χθὲς τὴν μεσημβρίαν πρὸ τοῦ ἀτμοπλοίου «Ρουμανία» ἕτερος ἀρμένιος ὀνόματι Ἀζαρουτιάν.

Τί μᾶς εἶπεν

Εἰς τὸ γραφεῖον τῆς ἀστυνομίας συνηντήσαμεν τὸν νεοσυλληφθέντα ἀρμένιον, ὅστις ἐγνώριζε καλῶς τὴν ἑλληνικήν.

— Ἀπορῶ διατί μὲ συνέλαβον· ἐγὼ εἶμαι ἔμπορος ἐν Καΐρῳ.

— Καὶ πῶς εὑρέθητε εἰς τὸν Πειραιᾶ;

— Ἦλθα ταξειδεύων ἐκ Κωνσταντινουπόλεως μὲ τὸ ἀτμόπλοιον «Ρουμανία».

— Ἦλθετε καὶ ἄλλοτε;

— Ποτέ.

Νέαι ἔρευναι

Συνεπείᾳ νέων πληροφοριῶν ἐξηκολούθησαν σήμερον ἔρευναι τῆς ἀστυνομίας Πειραιῶς καὶ εἰς διαφόρους ἄλλας οἰκίας, ἀλλὰ δὲν ἀνευρέθη τίποτε. Ὁ ἀνακριτὴς Πειραιῶς κ. Μαλτέζος ἐξακολουθεῖ τὰς ἀνακρίσεις.

ΘΕΑΤΡΑ

ΝΕΑ ΣΚΗΝΗ. «Η κούκλα».

ΑΘΗΝΑΙΟΝ. Σήμερον ἑσπερίδα. Πρὸς τιμὴν τοῦ κ. Ἰωάννου Βαλέτα, ἐπὶ τῇ ἐπιτυχίᾳ τοῦ ἔργου. ΟΛΥΜΠΙΑ. «Ὁ Καπετὰν Γιακουμῆς».

ΠΑΝΤΟΠΩΛΟΥ. «Τὰ τέκνα τοῦ πλοιάρχου Γκράντ». ΝΕΑΠΟΛΕΩΣ. Πρώτη φορὰ ἔργου «Ἡ ἀρχοντοπούλα τῶν Λουκάδων».

ΑΡΝΙΩΤΗ. Ποικίλα θεάματα· τὴν προσεχῆ Παρασκευὴν ἡ φιλαρμονική. ΘΕΩΝΟΝ-ΔΟΥΤΚΙΑ. Νέα ἔργα ὑπὸ τῆς κ. κ. Χατζηαποστόλου καὶ Μαξίμου.

Η ΠΡΥΤΑΝΕΙΑ ΤΟΥ ΕΘΝΙΚΟΥ ΠΑΝΕΠΙΣΤΗΜΙΟΥ
ΔΙΑΚΗΡΥΤΤΕΙ ΟΤΙ

Ἐνοικιάζεται ἡ ἐπὶ τῆς ὁδοῦ Σταδίου καὶ Ὀφθαλμιατρείου γωνίᾳ τοῦ Πανεπιστημίου (πρώην Θ. Ἀρεταίου) ἀπὸ τῶν Ζαχαροπλαστείου Δουμπὰ καὶ Ἀδελφοῦ. Πληροφορίαι παρὰ τῷ Λογιστήριον.

Ὁ Πρύτανις (τ. σ.) Σ. Λάμπρος

Τὸ Συμβολαιογραφεῖον τοῦ κ. Ἰωάννου Λ. Γαζάνου μεταφέρεται ἀπὸ τῆς 1ης Σεπτεμβρίου ἐπὶ τῆς ὁδοῦ Σοφοκλέους, ἔναντι τοῦ ναοῦ τῆς Ἁγίας Ειρήνης ἐπὶ τῆς ἀπέναντι τοῦ νῦν γραφείου Στοᾶς Ραζῆ, δεξιὰ τῷ εἰσερχομένῳ.

ΕΙΔΟΠΟΙΗΣΙΣ

Τὸ Πρακτορεῖον τῆς «Ἑλληνικῆς Ἀτμοπλοΐας» Τζὼν Μάκ Δόουελ Βάρβας μετεφέρθη ἐπὶ τῆς πλατείας τῆς Ὁμονοίας, καὶ ἀρχὴν τῆς ὁδοῦ Σταδίου ἀριθ. 66. (Παλαιὸν ξενοδοχεῖον Ὀλυμπία).
